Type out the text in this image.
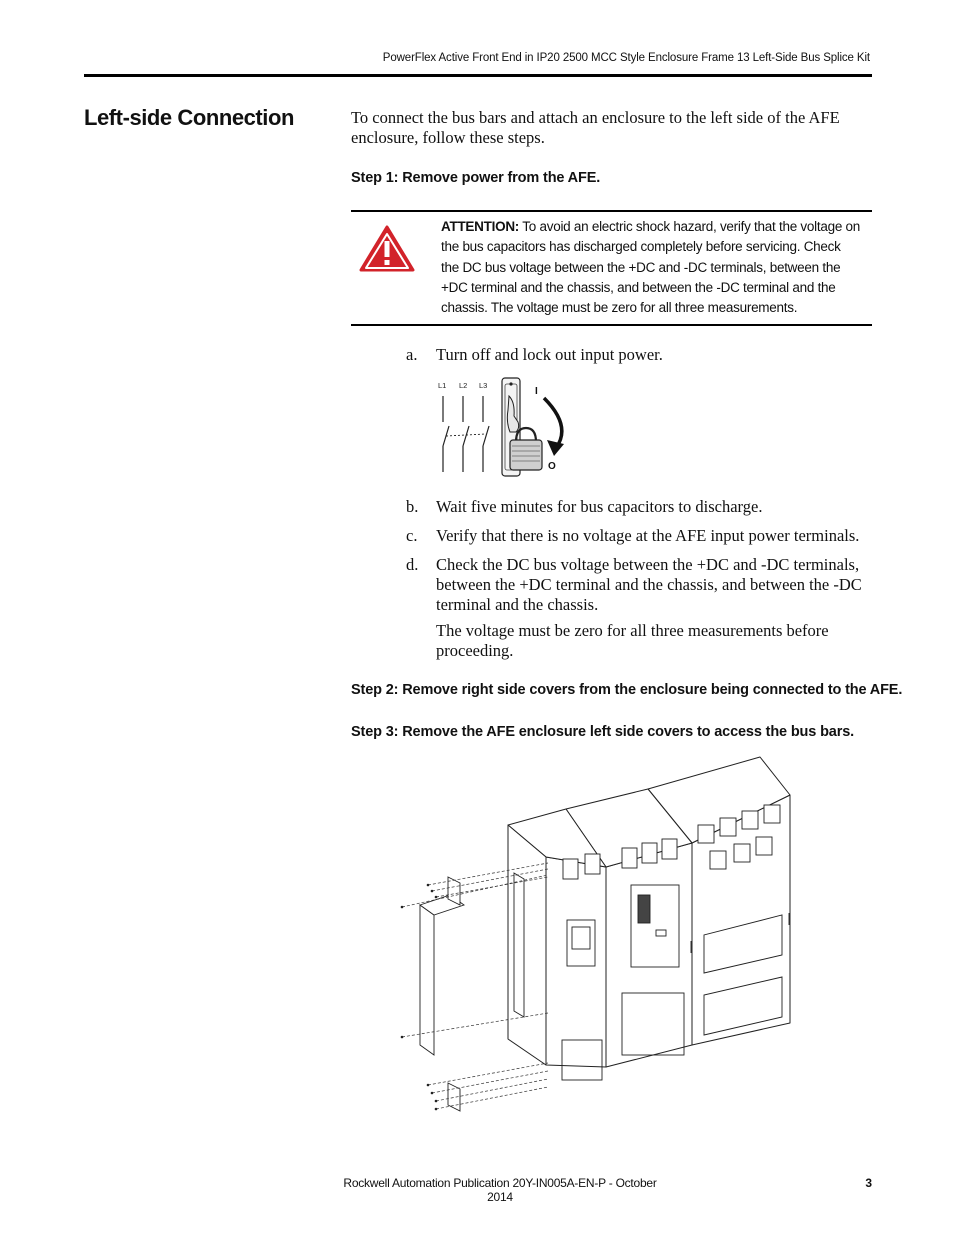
PowerFlex Active Front End in IP20 2500 MCC Style Enclosure Frame 13 Left-Side Bus Splice Kit
Left-side Connection	To connect the bus bars and attach an enclosure to the left side of the AFE enclosure, follow these steps.
Step 1: Remove power from the AFE.
ATTENTION: To avoid an electric shock hazard, verify that the voltage on the bus capacitors has discharged completely before servicing. Check the DC bus voltage between the +DC and -DC terminals, between the +DC terminal and the chassis, and between the -DC terminal and the chassis. The voltage must be zero for all three measurements.
a. Turn off and lock out input power.
L1 L2 L3
I
O
b. Wait five minutes for bus capacitors to discharge.
c. Verify that there is no voltage at the AFE input power terminals.
d. Check the DC bus voltage between the +DC and -DC terminals, between the +DC terminal and the chassis, and between the -DC terminal and the chassis.
The voltage must be zero for all three measurements before proceeding.
Step 2: Remove right side covers from the enclosure being connected to the AFE.
Step 3: Remove the AFE enclosure left side covers to access the bus bars.
Rockwell Automation Publication 20Y-IN005A-EN-P - October 2014
3
